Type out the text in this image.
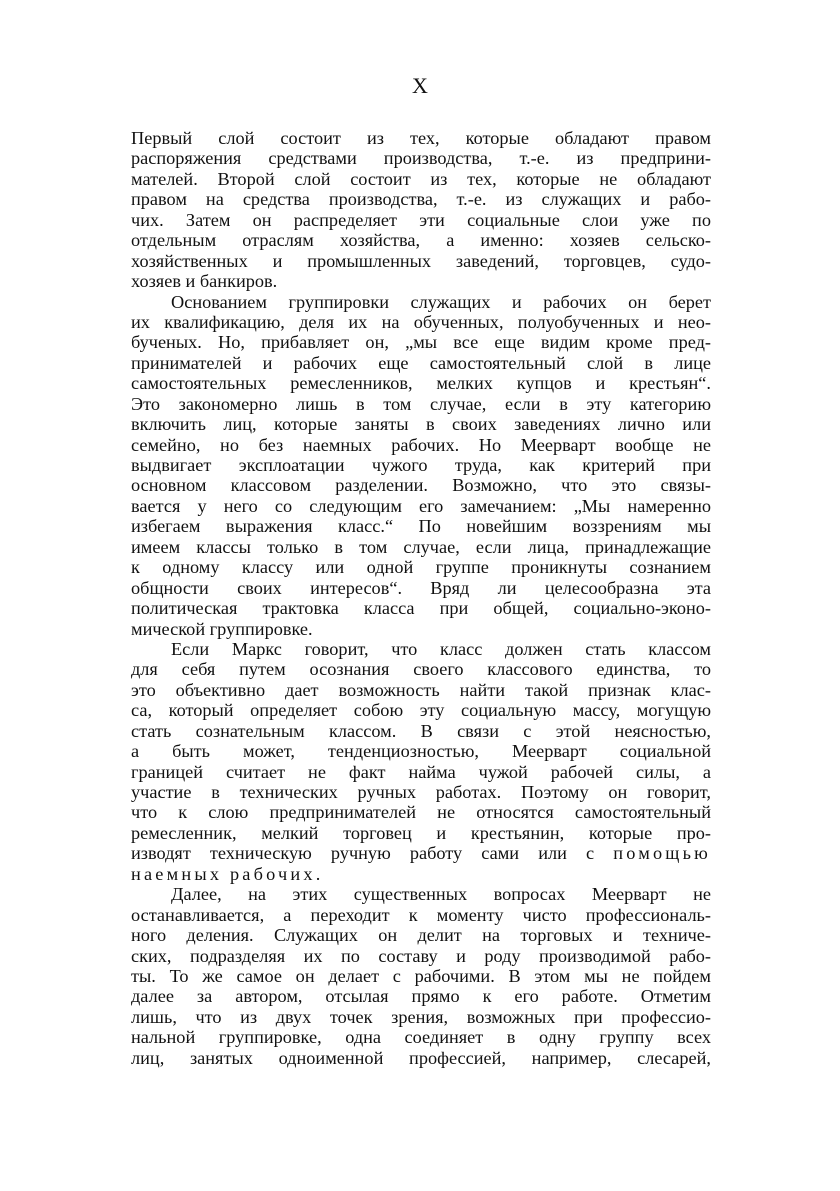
X
Первый слой состоит из тех, которые обладают правом
распоряжения средствами производства, т.-е. из предприни-
мателей. Второй слой состоит из тех, которые не обладают
правом на средства производства, т.-е. из служащих и рабо-
чих. Затем он распределяет эти социальные слои уже по
отдельным отраслям хозяйства, а именно: хозяев сельско-
хозяйственных и промышленных заведений, торговцев, судо-
хозяев и банкиров.
Основанием группировки служащих и рабочих он берет
их квалификацию, деля их на обученных, полуобученных и нео-
бученых. Но, прибавляет он, „мы все еще видим кроме пред-
принимателей и рабочих еще самостоятельный слой в лице
самостоятельных ремесленников, мелких купцов и крестьян“.
Это закономерно лишь в том случае, если в эту категорию
включить лиц, которые заняты в своих заведениях лично или
семейно, но без наемных рабочих. Но Меерварт вообще не
выдвигает эксплоатации чужого труда, как критерий при
основном классовом разделении. Возможно, что это связы-
вается у него со следующим его замечанием: „Мы намеренно
избегаем выражения класс.“ По новейшим воззрениям мы
имеем классы только в том случае, если лица, принадлежащие
к одному классу или одной группе проникнуты сознанием
общности своих интересов“. Вряд ли целесообразна эта
политическая трактовка класса при общей, социально-эконо-
мической группировке.
Если Маркс говорит, что класс должен стать классом
для себя путем осознания своего классового единства, то
это объективно дает возможность найти такой признак клас-
са, который определяет собою эту социальную массу, могущую
стать сознательным классом. В связи с этой неясностью,
а быть может, тенденциозностью, Меерварт социальной
границей считает не факт найма чужой рабочей силы, а
участие в технических ручных работах. Поэтому он говорит,
что к слою предпринимателей не относятся самостоятельный
ремесленник, мелкий торговец и крестьянин, которые про-
изводят техническую ручную работу сами или с помощью
наемных рабочих.
Далее, на этих существенных вопросах Меерварт не
останавливается, а переходит к моменту чисто профессиональ-
ного деления. Служащих он делит на торговых и техниче-
ских, подразделяя их по составу и роду производимой рабо-
ты. То же самое он делает с рабочими. В этом мы не пойдем
далее за автором, отсылая прямо к его работе. Отметим
лишь, что из двух точек зрения, возможных при профессио-
нальной группировке, одна соединяет в одну группу всех
лиц, занятых одноименной профессией, например, слесарей,
